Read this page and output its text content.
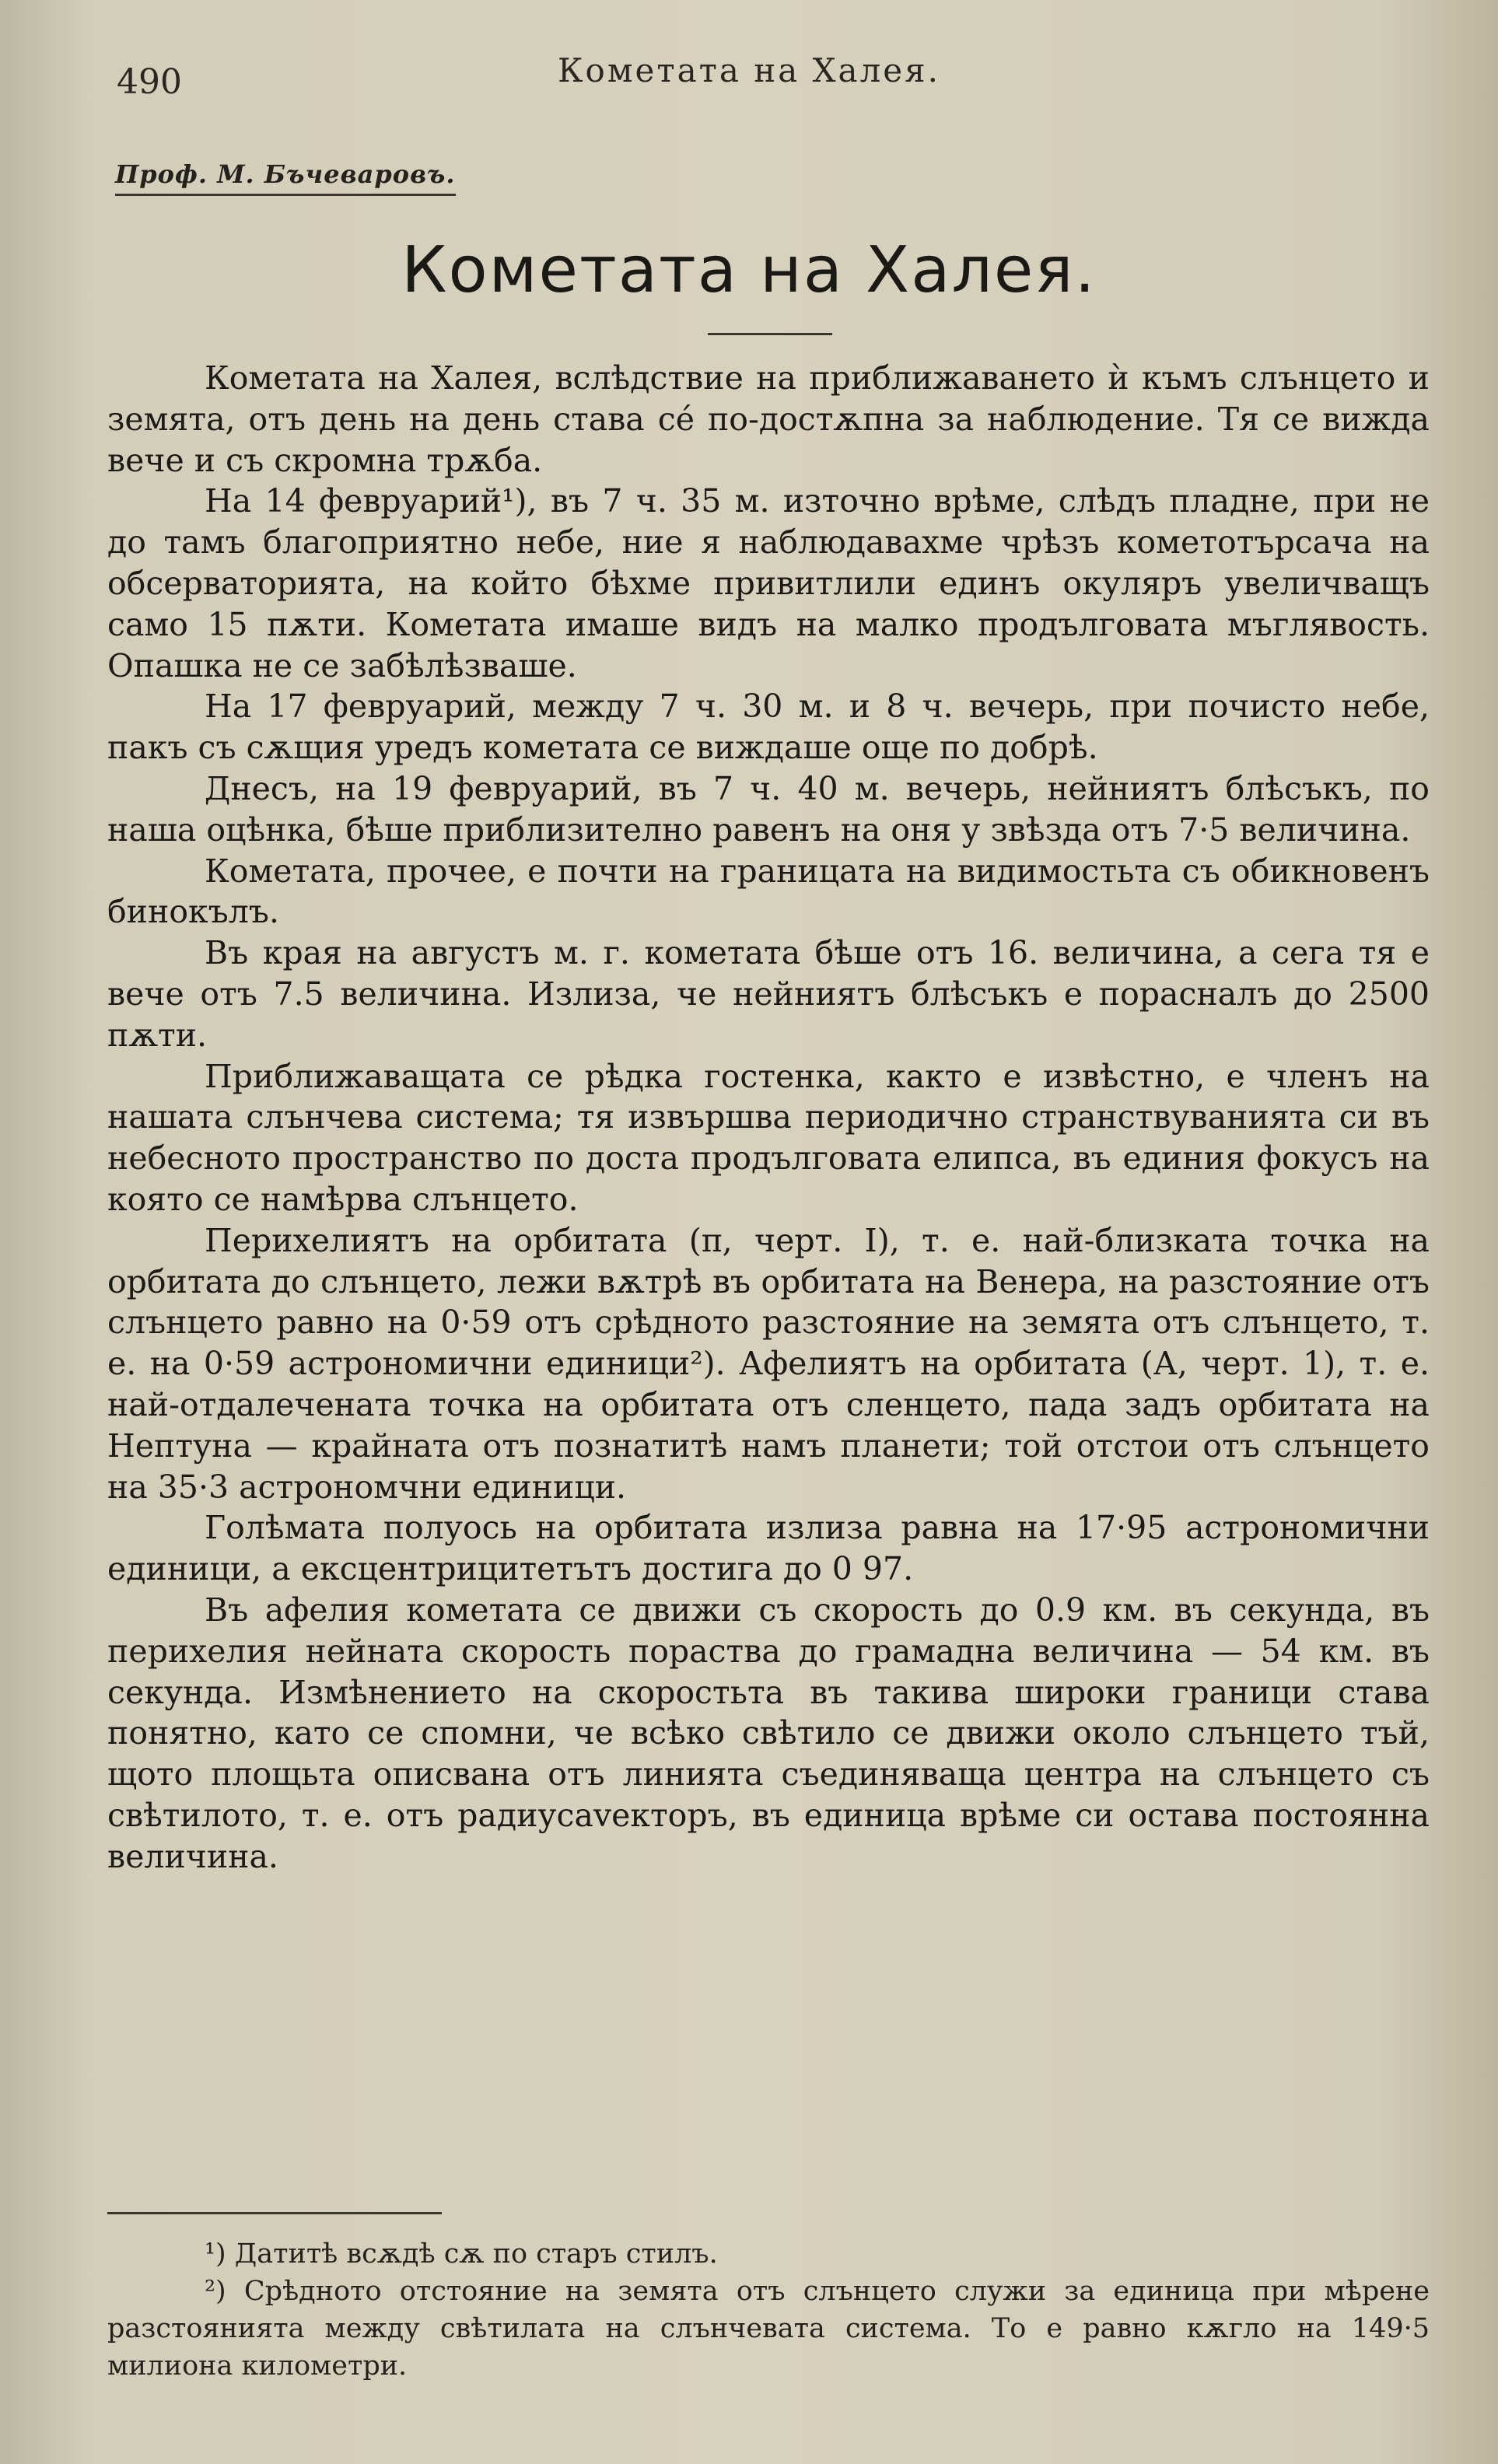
490	Кометата на Халея.
Проф. М. Бъчеваровъ.
Кометата на Халея.

Кометата на Халея, вслѣдствие на приближаването ѝ къмъ слънцето и земята, отъ день на день става се́ по-достѫпна за наблюдение. Тя се вижда вече и съ скромна трѫба.

На 14 февруарий¹), въ 7 ч. 35 м. източно врѣме, слѣдъ пладне, при не до тамъ благоприятно небе, ние я наблюдавахме чрѣзъ кометотърсача на обсерваторията, на който бѣхме привитлили единъ окуляръ увеличващъ само 15 пѫти. Кометата имаше видъ на малко продълговата мъглявость. Опашка не се забѣлѣзваше.

На 17 февруарий, между 7 ч. 30 м. и 8 ч. вечерь, при почисто небе, пакъ съ сѫщия уредъ кометата се виждаше още по добрѣ.

Днесъ, на 19 февруарий, въ 7 ч. 40 м. вечерь, нейниятъ блѣсъкъ, по наша оцѣнка, бѣше приблизително равенъ на оня у звѣзда отъ 7·5 величина.

Кометата, прочее, е почти на границата на видимостьта съ обикновенъ бинокълъ.

Въ края на августъ м. г. кометата бѣше отъ 16. величина, а сега тя е вече отъ 7.5 величина. Излиза, че нейниятъ блѣсъкъ е порасналъ до 2500 пѫти.

Приближаващата се рѣдка гостенка, както е извѣстно, е членъ на нашата слънчева система; тя извършва периодично странствуванията си въ небесното пространство по доста продълговата елипса, въ единия фокусъ на която се намѣрва слънцето.

Перихелиятъ на орбитата (π, черт. I), т. е. най-близката точка на орбитата до слънцето, лежи вѫтрѣ въ орбитата на Венера, на разстояние отъ слънцето равно на 0·59 отъ срѣдното разстояние на земята отъ слънцето, т. е. на 0·59 астрономични единици²). Афелиятъ на орбитата (А, черт. 1), т. е. най-отдалечената точка на орбитата отъ сленцето, пада задъ орбитата на Нептуна — крайната отъ познатитѣ намъ планети; той отстои отъ слънцето на 35·3 астрономчни единици.

Голѣмата полуось на орбитата излиза равна на 17·95 астрономични единици, а ексцентрицитетътъ достига до 0 97.

Въ афелия кометата се движи съ скорость до 0.9 км. въ секунда, въ перихелия нейната скорость пораства до грамадна величина — 54 км. въ секунда. Измѣнението на скоростьта въ такива широки граници става понятно, като се спомни, че всѣко свѣтило се движи около слънцето тъй, щото площьта описвана отъ линията съединяваща центра на слънцето съ свѣтилото, т. е. отъ радиусаvекторъ, въ единица врѣме си остава постоянна величина.

¹) Датитѣ всѫдѣ сѫ по старъ стилъ.

²) Срѣдното отстояние на земята отъ слънцето служи за единица при мѣрене разстоянията между свѣтилата на слънчевата система. То е равно кѫгло на 149·5 милиона километри.
